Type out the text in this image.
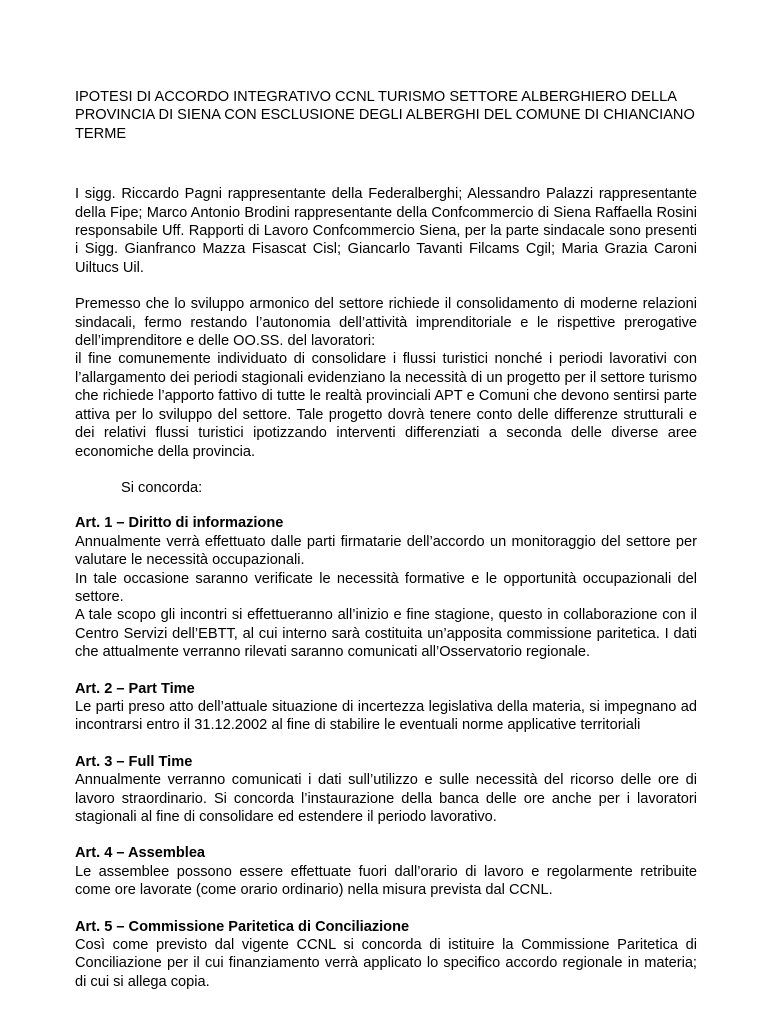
IPOTESI DI ACCORDO INTEGRATIVO CCNL TURISMO SETTORE ALBERGHIERO DELLA PROVINCIA DI SIENA CON ESCLUSIONE DEGLI ALBERGHI DEL COMUNE DI CHIANCIANO TERME

I sigg. Riccardo Pagni rappresentante della Federalberghi; Alessandro Palazzi rappresentante della Fipe; Marco Antonio Brodini rappresentante della Confcommercio di Siena Raffaella Rosini responsabile Uff. Rapporti di Lavoro Confcommercio Siena, per la parte sindacale sono presenti i Sigg. Gianfranco Mazza Fisascat Cisl; Giancarlo Tavanti Filcams Cgil; Maria Grazia Caroni Uiltucs Uil.

Premesso che lo sviluppo armonico del settore richiede il consolidamento di moderne relazioni sindacali, fermo restando l’autonomia dell’attività imprenditoriale e le rispettive prerogative dell’imprenditore e delle OO.SS. del lavoratori:

il fine comunemente individuato di consolidare i flussi turistici nonché i periodi lavorativi con l’allargamento dei periodi stagionali evidenziano la necessità di un progetto per il settore turismo che richiede l’apporto fattivo di tutte le realtà provinciali APT e Comuni che devono sentirsi parte attiva per lo sviluppo del settore. Tale progetto dovrà tenere conto delle differenze strutturali e dei relativi flussi turistici ipotizzando interventi differenziati a seconda delle diverse aree economiche della provincia.

Si concorda:

Art. 1 – Diritto di informazione

Annualmente verrà effettuato dalle parti firmatarie dell’accordo un monitoraggio del settore per valutare le necessità occupazionali.

In tale occasione saranno verificate le necessità formative e le opportunità occupazionali del settore.

A tale scopo gli incontri si effettueranno all’inizio e fine stagione, questo in collaborazione con il Centro Servizi dell’EBTT, al cui interno sarà costituita un’apposita commissione paritetica. I dati che attualmente verranno rilevati saranno comunicati all’Osservatorio regionale.

Art. 2 – Part Time

Le parti preso atto dell’attuale situazione di incertezza legislativa della materia, si impegnano ad incontrarsi entro il 31.12.2002 al fine di stabilire le eventuali norme applicative territoriali

Art. 3 – Full Time

Annualmente verranno comunicati i dati sull’utilizzo e sulle necessità del ricorso delle ore di lavoro straordinario. Si concorda l’instaurazione della banca delle ore anche per i lavoratori stagionali al fine di consolidare ed estendere il periodo lavorativo.

Art. 4 – Assemblea

Le assemblee possono essere effettuate fuori dall’orario di lavoro e regolarmente retribuite come ore lavorate (come orario ordinario) nella misura prevista dal CCNL.

Art. 5 – Commissione Paritetica di Conciliazione

Così come previsto dal vigente CCNL si concorda di istituire la Commissione Paritetica di Conciliazione per il cui finanziamento verrà applicato lo specifico accordo regionale in materia; di cui si allega copia.
